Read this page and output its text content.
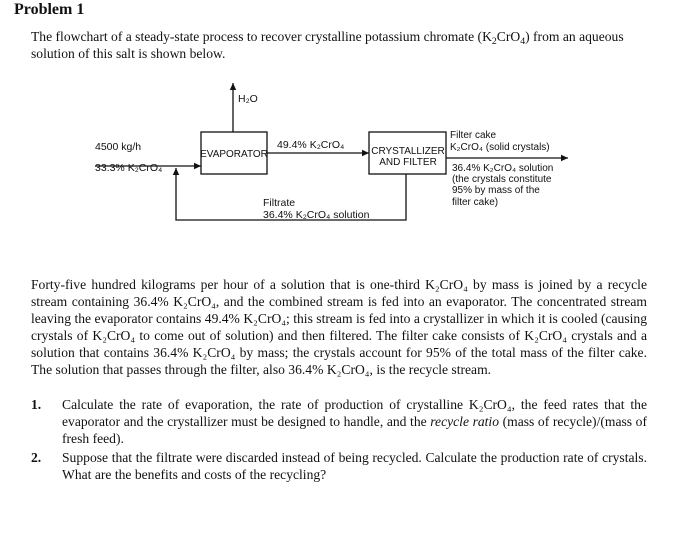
Problem 1
The flowchart of a steady-state process to recover crystalline potassium chromate $(K_2CrO_4)$ from an aqueous solution of this salt is shown below.
H₂O
4500 kg/h
33.3% K₂CrO₄
EVAPORATOR
49.4% K₂CrO₄
CRYSTALLIZER
AND FILTER
Filter cake
K₂CrO₄ (solid crystals)
36.4% K₂CrO₄ solution
(the crystals constitute
95% by mass of the
filter cake)
Filtrate
36.4% K₂CrO₄ solution
Forty-five hundred kilograms per hour of a solution that is one-third K₂CrO₄ by mass is joined by a recycle stream containing 36.4% K₂CrO₄, and the combined stream is fed into an evaporator. The concentrated stream leaving the evaporator contains 49.4% K₂CrO₄; this stream is fed into a crystallizer in which it is cooled (causing crystals of K₂CrO₄ to come out of solution) and then filtered. The filter cake consists of K₂CrO₄ crystals and a solution that contains 36.4% K₂CrO₄ by mass; the crystals account for 95% of the total mass of the filter cake. The solution that passes through the filter, also 36.4% K₂CrO₄, is the recycle stream.
1.	Calculate the rate of evaporation, the rate of production of crystalline K₂CrO₄, the feed rates that the evaporator and the crystallizer must be designed to handle, and the recycle ratio (mass of recycle)/(mass of fresh feed).
2.	Suppose that the filtrate were discarded instead of being recycled. Calculate the production rate of crystals. What are the benefits and costs of the recycling?
